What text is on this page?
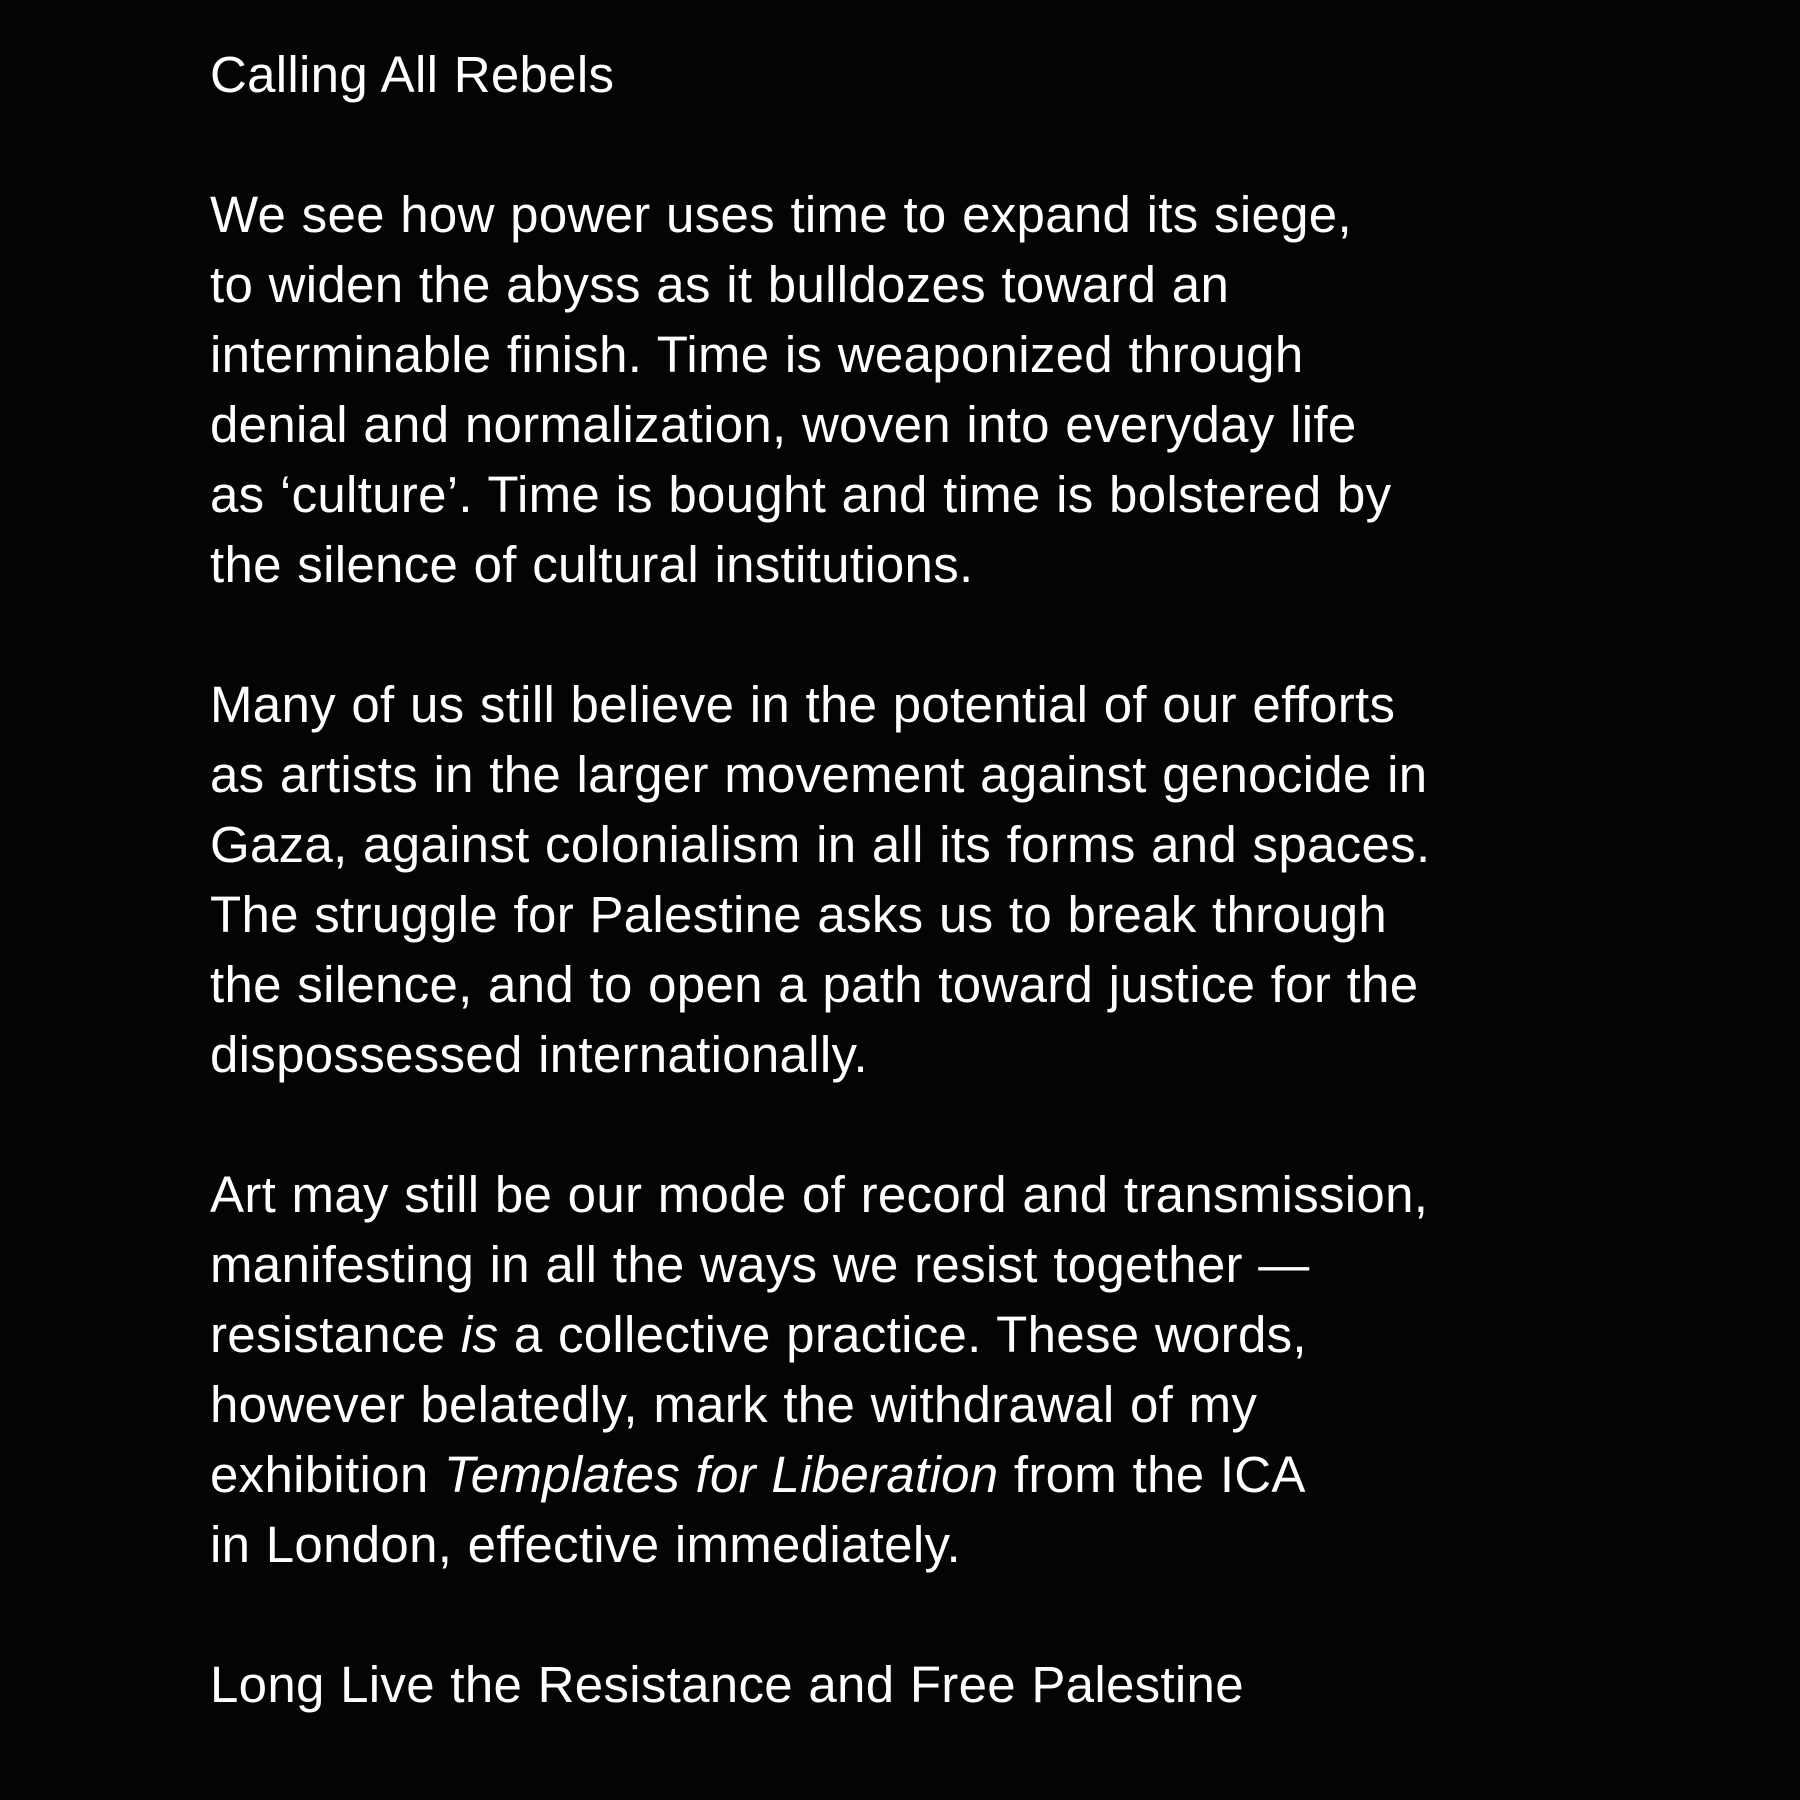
Calling All Rebels
We see how power uses time to expand its siege,
to widen the abyss as it bulldozes toward an
interminable finish. Time is weaponized through
denial and normalization, woven into everyday life
as ‘culture’. Time is bought and time is bolstered by
the silence of cultural institutions.
Many of us still believe in the potential of our efforts
as artists in the larger movement against genocide in
Gaza, against colonialism in all its forms and spaces.
The struggle for Palestine asks us to break through
the silence, and to open a path toward justice for the
dispossessed internationally.
Art may still be our mode of record and transmission,
manifesting in all the ways we resist together —
resistance is a collective practice. These words,
however belatedly, mark the withdrawal of my
exhibition Templates for Liberation from the ICA
in London, effective immediately.
Long Live the Resistance and Free Palestine
